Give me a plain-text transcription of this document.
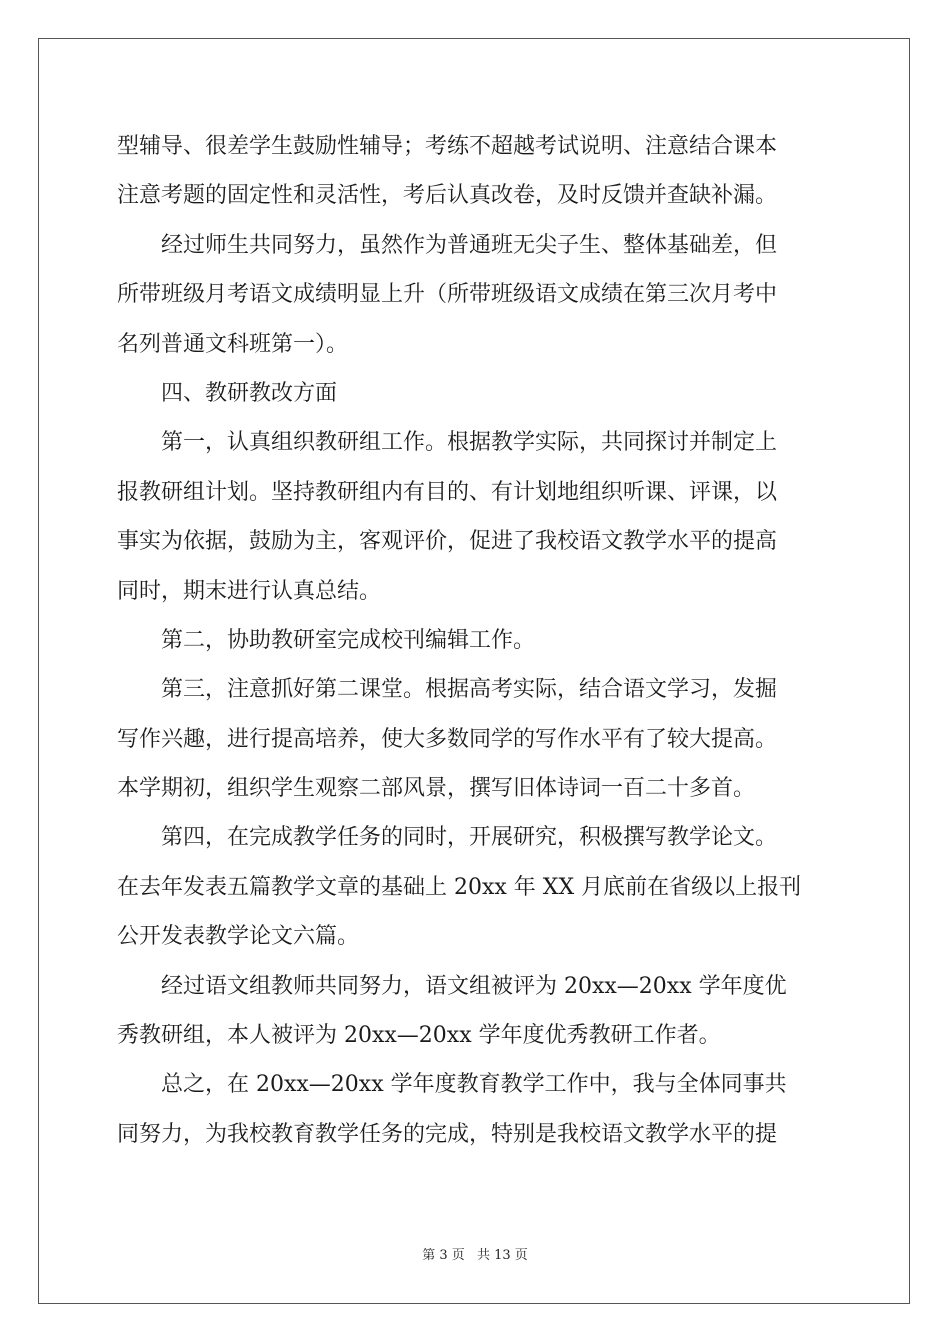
型辅导、很差学生鼓励性辅导；考练不超越考试说明、注意结合课本
注意考题的固定性和灵活性，考后认真改卷，及时反馈并查缺补漏。
经过师生共同努力，虽然作为普通班无尖子生、整体基础差，但
所带班级月考语文成绩明显上升（所带班级语文成绩在第三次月考中
名列普通文科班第一）。
四、教研教改方面
第一，认真组织教研组工作。根据教学实际，共同探讨并制定上
报教研组计划。坚持教研组内有目的、有计划地组织听课、评课，以
事实为依据，鼓励为主，客观评价，促进了我校语文教学水平的提高
同时，期末进行认真总结。
第二，协助教研室完成校刊编辑工作。
第三，注意抓好第二课堂。根据高考实际，结合语文学习，发掘
写作兴趣，进行提高培养，使大多数同学的写作水平有了较大提高。
本学期初，组织学生观察二部风景，撰写旧体诗词一百二十多首。
第四，在完成教学任务的同时，开展研究，积极撰写教学论文。
在去年发表五篇教学文章的基础上 20xx 年 XX 月底前在省级以上报刊
公开发表教学论文六篇。
经过语文组教师共同努力，语文组被评为 20xx—20xx 学年度优
秀教研组，本人被评为 20xx—20xx 学年度优秀教研工作者。
总之，在 20xx—20xx 学年度教育教学工作中，我与全体同事共
同努力，为我校教育教学任务的完成，特别是我校语文教学水平的提
第 3 页 共 13 页
